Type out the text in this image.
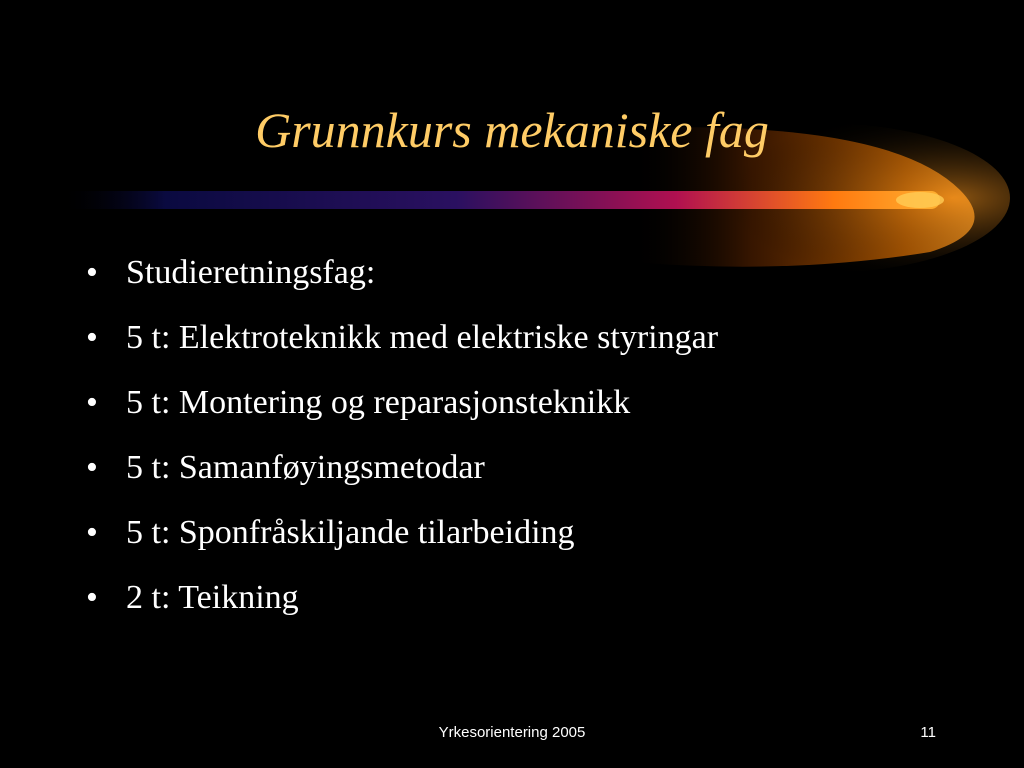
Grunnkurs mekaniske fag
• Studieretningsfag:
• 5 t: Elektroteknikk med elektriske styringar
• 5 t: Montering og reparasjonsteknikk
• 5 t: Samanføyingsmetodar
• 5 t: Sponfråskiljande tilarbeiding
• 2 t: Teikning
Yrkesorientering 2005	11
